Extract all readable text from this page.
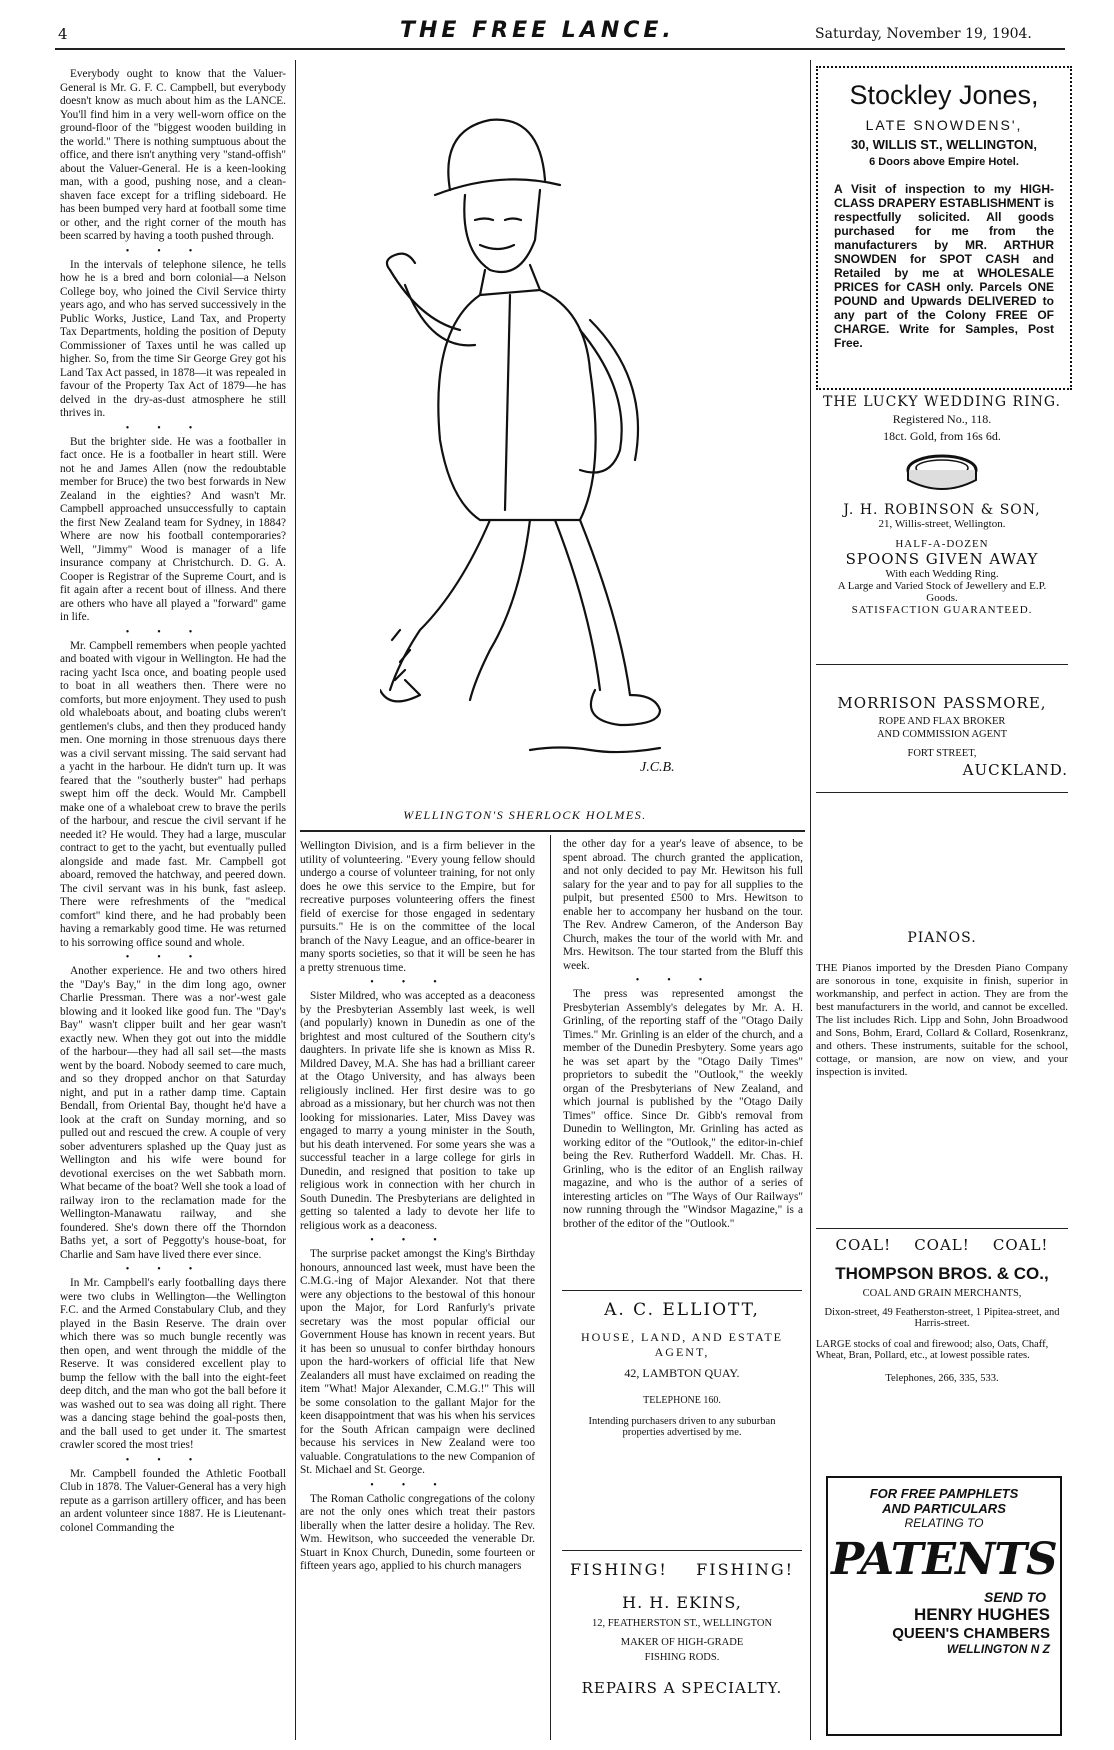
4	THE FREE LANCE.	Saturday, November 19, 1904.

Everybody ought to know that the Valuer-General is Mr. G. F. C. Campbell, but everybody doesn't know as much about him as the LANCE. You'll find him in a very well-worn office on the ground-floor of the "biggest wooden building in the world." There is nothing sumptuous about the office, and there isn't anything very "stand-offish" about the Valuer-General. He is a keen-looking man, with a good, pushing nose, and a clean-shaven face except for a trifling sideboard. He has been bumped very hard at football some time or other, and the right corner of the mouth has been scarred by having a tooth pushed through.

•••

In the intervals of telephone silence, he tells how he is a bred and born colonial—a Nelson College boy, who joined the Civil Service thirty years ago, and who has served successively in the Public Works, Justice, Land Tax, and Property Tax Departments, holding the position of Deputy Commissioner of Taxes until he was called up higher. So, from the time Sir George Grey got his Land Tax Act passed, in 1878—it was repealed in favour of the Property Tax Act of 1879—he has delved in the dry-as-dust atmosphere he still thrives in.

•••

But the brighter side. He was a footballer in fact once. He is a footballer in heart still. Were not he and James Allen (now the redoubtable member for Bruce) the two best forwards in New Zealand in the eighties? And wasn't Mr. Campbell approached unsuccessfully to captain the first New Zealand team for Sydney, in 1884? Where are now his football contemporaries? Well, "Jimmy" Wood is manager of a life insurance company at Christchurch. D. G. A. Cooper is Registrar of the Supreme Court, and is fit again after a recent bout of illness. And there are others who have all played a "forward" game in life.

•••

Mr. Campbell remembers when people yachted and boated with vigour in Wellington. He had the racing yacht Isca once, and boating people used to boat in all weathers then. There were no comforts, but more enjoyment. They used to push old whaleboats about, and boating clubs weren't gentlemen's clubs, and then they produced handy men. One morning in those strenuous days there was a civil servant missing. The said servant had a yacht in the harbour. He didn't turn up. It was feared that the "southerly buster" had perhaps swept him off the deck. Would Mr. Campbell make one of a whaleboat crew to brave the perils of the harbour, and rescue the civil servant if he needed it? He would. They had a large, muscular contract to get to the yacht, but eventually pulled alongside and made fast. Mr. Campbell got aboard, removed the hatchway, and peered down. The civil servant was in his bunk, fast asleep. There were refreshments of the "medical comfort" kind there, and he had probably been having a remarkably good time. He was returned to his sorrowing office sound and whole.

•••

Another experience. He and two others hired the "Day's Bay," in the dim long ago, owner Charlie Pressman. There was a nor'-west gale blowing and it looked like good fun. The "Day's Bay" wasn't clipper built and her gear wasn't exactly new. When they got out into the middle of the harbour—they had all sail set—the masts went by the board. Nobody seemed to care much, and so they dropped anchor on that Saturday night, and put in a rather damp time. Captain Bendall, from Oriental Bay, thought he'd have a look at the craft on Sunday morning, and so pulled out and rescued the crew. A couple of very sober adventurers splashed up the Quay just as Wellington and his wife were bound for devotional exercises on the wet Sabbath morn. What became of the boat? Well she took a load of railway iron to the reclamation made for the Wellington-Manawatu railway, and she foundered. She's down there off the Thorndon Baths yet, a sort of Peggotty's house-boat, for Charlie and Sam have lived there ever since.

•••

In Mr. Campbell's early footballing days there were two clubs in Wellington—the Wellington F.C. and the Armed Constabulary Club, and they played in the Basin Reserve. The drain over which there was so much bungle recently was then open, and went through the middle of the Reserve. It was considered excellent play to bump the fellow with the ball into the eight-feet deep ditch, and the man who got the ball before it was washed out to sea was doing all right. There was a dancing stage behind the goal-posts then, and the ball used to get under it. The smartest crawler scored the most tries!

•••

Mr. Campbell founded the Athletic Football Club in 1878. The Valuer-General has a very high repute as a garrison artillery officer, and has been an ardent volunteer since 1887. He is Lieutenant-colonel Commanding the

J.C.B.
WELLINGTON'S SHERLOCK HOLMES.

Wellington Division, and is a firm believer in the utility of volunteering. "Every young fellow should undergo a course of volunteer training, for not only does he owe this service to the Empire, but for recreative purposes volunteering offers the finest field of exercise for those engaged in sedentary pursuits." He is on the committee of the local branch of the Navy League, and an office-bearer in many sports societies, so that it will be seen he has a pretty strenuous time.

•••

Sister Mildred, who was accepted as a deaconess by the Presbyterian Assembly last week, is well (and popularly) known in Dunedin as one of the brightest and most cultured of the Southern city's daughters. In private life she is known as Miss R. Mildred Davey, M.A. She has had a brilliant career at the Otago University, and has always been religiously inclined. Her first desire was to go abroad as a missionary, but her church was not then looking for missionaries. Later, Miss Davey was engaged to marry a young minister in the South, but his death intervened. For some years she was a successful teacher in a large college for girls in Dunedin, and resigned that position to take up religious work in connection with her church in South Dunedin. The Presbyterians are delighted in getting so talented a lady to devote her life to religious work as a deaconess.

•••

The surprise packet amongst the King's Birthday honours, announced last week, must have been the C.M.G.-ing of Major Alexander. Not that there were any objections to the bestowal of this honour upon the Major, for Lord Ranfurly's private secretary was the most popular official our Government House has known in recent years. But it has been so unusual to confer birthday honours upon the hard-workers of official life that New Zealanders all must have exclaimed on reading the item "What! Major Alexander, C.M.G.!" This will be some consolation to the gallant Major for the keen disappointment that was his when his services for the South African campaign were declined because his services in New Zealand were too valuable. Congratulations to the new Companion of St. Michael and St. George.

•••

The Roman Catholic congregations of the colony are not the only ones which treat their pastors liberally when the latter desire a holiday. The Rev. Wm. Hewitson, who succeeded the venerable Dr. Stuart in Knox Church, Dunedin, some fourteen or fifteen years ago, applied to his church managers

the other day for a year's leave of absence, to be spent abroad. The church granted the application, and not only decided to pay Mr. Hewitson his full salary for the year and to pay for all supplies to the pulpit, but presented £500 to Mrs. Hewitson to enable her to accompany her husband on the tour. The Rev. Andrew Cameron, of the Anderson Bay Church, makes the tour of the world with Mr. and Mrs. Hewitson. The tour started from the Bluff this week.

•••

The press was represented amongst the Presbyterian Assembly's delegates by Mr. A. H. Grinling, of the reporting staff of the "Otago Daily Times." Mr. Grinling is an elder of the church, and a member of the Dunedin Presbytery. Some years ago he was set apart by the "Otago Daily Times" proprietors to subedit the "Outlook," the weekly organ of the Presbyterians of New Zealand, and which journal is published by the "Otago Daily Times" office. Since Dr. Gibb's removal from Dunedin to Wellington, Mr. Grinling has acted as working editor of the "Outlook," the editor-in-chief being the Rev. Rutherford Waddell. Mr. Chas. H. Grinling, who is the editor of an English railway magazine, and who is the author of a series of interesting articles on "The Ways of Our Railways" now running through the "Windsor Magazine," is a brother of the editor of the "Outlook."

A. C. ELLIOTT,
HOUSE, LAND, AND ESTATE AGENT,
42, LAMBTON QUAY.
TELEPHONE 160.
Intending purchasers driven to any suburban properties advertised by me.
FISHING!    FISHING!
H. H. EKINS,
12, FEATHERSTON ST., WELLINGTON
MAKER OF HIGH-GRADE
FISHING RODS.
REPAIRS A SPECIALTY.
Stockley Jones,
LATE SNOWDENS',
30, WILLIS ST., WELLINGTON,
6 Doors above Empire Hotel.
A Visit of inspection to my HIGH-CLASS DRAPERY ESTABLISHMENT is respectfully solicited. All goods purchased for me from the manufacturers by MR. ARTHUR SNOWDEN for SPOT CASH and Retailed by me at WHOLESALE PRICES for CASH only. Parcels ONE POUND and Upwards DELIVERED to any part of the Colony FREE OF CHARGE. Write for Samples, Post Free.
THE LUCKY WEDDING RING.
Registered No., 118.
18ct. Gold, from 16s 6d.
J. H. ROBINSON & SON,
21, Willis-street, Wellington.
HALF-A-DOZEN
SPOONS GIVEN AWAY
With each Wedding Ring.
A Large and Varied Stock of Jewellery and E.P. Goods.
SATISFACTION GUARANTEED.
MORRISON PASSMORE,
ROPE AND FLAX BROKER
AND COMMISSION AGENT
FORT STREET,
AUCKLAND.
PIANOS.
THE Pianos imported by the Dresden Piano Company are sonorous in tone, exquisite in finish, superior in workmanship, and perfect in action. They are from the best manufacturers in the world, and cannot be excelled. The list includes Rich. Lipp and Sohn, John Broadwood and Sons, Bohm, Erard, Collard & Collard, Rosenkranz, and others. These instruments, suitable for the school, cottage, or mansion, are now on view, and your inspection is invited.
COAL!    COAL!    COAL!
THOMPSON BROS. & CO.,
COAL AND GRAIN MERCHANTS,
Dixon-street, 49 Featherston-street, 1 Pipitea-street, and Harris-street.
LARGE stocks of coal and firewood; also, Oats, Chaff, Wheat, Bran, Pollard, etc., at lowest possible rates.
Telephones, 266, 335, 533.
FOR FREE PAMPHLETS
AND PARTICULARS
RELATING TO
PATENTS
SEND TO
HENRY HUGHES
QUEEN'S CHAMBERS
WELLINGTON N Z
